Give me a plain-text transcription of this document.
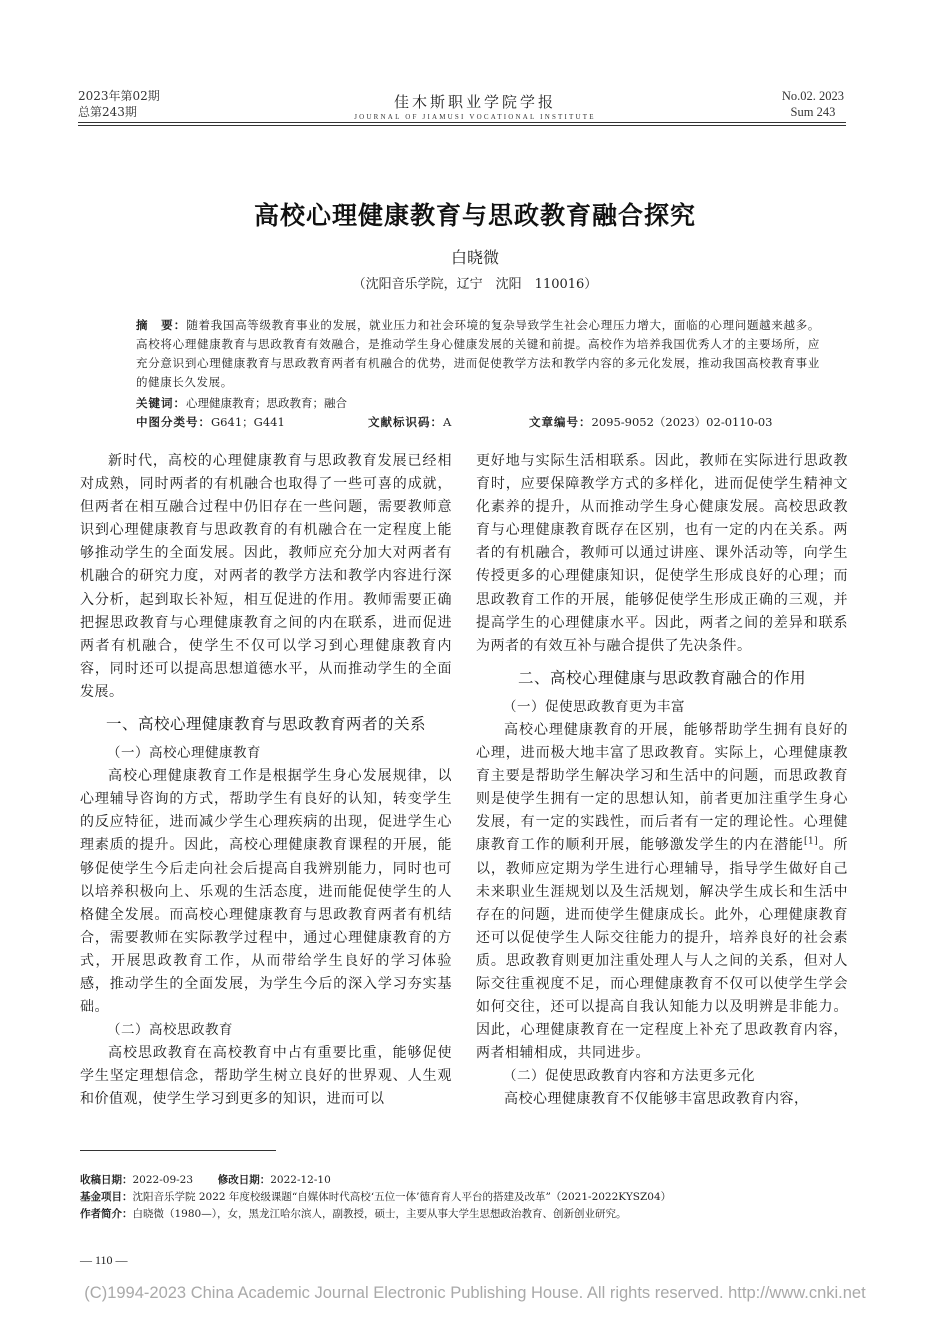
2023年第02期
总第243期
佳木斯职业学院学报
JOURNAL OF JIAMUSI VOCATIONAL INSTITUTE
No.02. 2023
Sum 243
高校心理健康教育与思政教育融合探究
白晓微
（沈阳音乐学院，辽宁　沈阳　110016）
摘　要：随着我国高等级教育事业的发展，就业压力和社会环境的复杂导致学生社会心理压力增大，面临的心理问题越来越多。高校将心理健康教育与思政教育有效融合，是推动学生身心健康发展的关键和前提。高校作为培养我国优秀人才的主要场所，应充分意识到心理健康教育与思政教育两者有机融合的优势，进而促使教学方法和教学内容的多元化发展，推动我国高校教育事业的健康长久发展。
关键词：心理健康教育；思政教育；融合
中图分类号：G641；G441	文献标识码：A	文章编号：2095-9052（2023）02-0110-03

新时代，高校的心理健康教育与思政教育发展已经相对成熟，同时两者的有机融合也取得了一些可喜的成就，但两者在相互融合过程中仍旧存在一些问题，需要教师意识到心理健康教育与思政教育的有机融合在一定程度上能够推动学生的全面发展。因此，教师应充分加大对两者有机融合的研究力度，对两者的教学方法和教学内容进行深入分析，起到取长补短，相互促进的作用。教师需要正确把握思政教育与心理健康教育之间的内在联系，进而促进两者有机融合，使学生不仅可以学习到心理健康教育内容，同时还可以提高思想道德水平，从而推动学生的全面发展。

一、高校心理健康教育与思政教育两者的关系
（一）高校心理健康教育

高校心理健康教育工作是根据学生身心发展规律，以心理辅导咨询的方式，帮助学生有良好的认知，转变学生的反应特征，进而减少学生心理疾病的出现，促进学生心理素质的提升。因此，高校心理健康教育课程的开展，能够促使学生今后走向社会后提高自我辨别能力，同时也可以培养积极向上、乐观的生活态度，进而能促使学生的人格健全发展。而高校心理健康教育与思政教育两者有机结合，需要教师在实际教学过程中，通过心理健康教育的方式，开展思政教育工作，从而带给学生良好的学习体验感，推动学生的全面发展，为学生今后的深入学习夯实基础。

（二）高校思政教育

高校思政教育在高校教育中占有重要比重，能够促使学生坚定理想信念，帮助学生树立良好的世界观、人生观和价值观，使学生学习到更多的知识，进而可以

更好地与实际生活相联系。因此，教师在实际进行思政教育时，应要保障教学方式的多样化，进而促使学生精神文化素养的提升，从而推动学生身心健康发展。高校思政教育与心理健康教育既存在区别，也有一定的内在关系。两者的有机融合，教师可以通过讲座、课外活动等，向学生传授更多的心理健康知识，促使学生形成良好的心理；而思政教育工作的开展，能够促使学生形成正确的三观，并提高学生的心理健康水平。因此，两者之间的差异和联系为两者的有效互补与融合提供了先决条件。

二、高校心理健康与思政教育融合的作用
（一）促使思政教育更为丰富

高校心理健康教育的开展，能够帮助学生拥有良好的心理，进而极大地丰富了思政教育。实际上，心理健康教育主要是帮助学生解决学习和生活中的问题，而思政教育则是使学生拥有一定的思想认知，前者更加注重学生身心发展，有一定的实践性，而后者有一定的理论性。心理健康教育工作的顺利开展，能够激发学生的内在潜能[1]。所以，教师应定期为学生进行心理辅导，指导学生做好自己未来职业生涯规划以及生活规划，解决学生成长和生活中存在的问题，进而使学生健康成长。此外，心理健康教育还可以促使学生人际交往能力的提升，培养良好的社会素质。思政教育则更加注重处理人与人之间的关系，但对人际交往重视度不足，而心理健康教育不仅可以使学生学会如何交往，还可以提高自我认知能力以及明辨是非能力。因此，心理健康教育在一定程度上补充了思政教育内容，两者相辅相成，共同进步。

（二）促使思政教育内容和方法更多元化

高校心理健康教育不仅能够丰富思政教育内容，

收稿日期：2022-09-23 修改日期：2022-12-10
基金项目：沈阳音乐学院 2022 年度校级课题“自媒体时代高校‘五位一体’德育育人平台的搭建及改革”（2021-2022KYSZ04）
作者简介：白晓微（1980—），女，黑龙江哈尔滨人，副教授，硕士，主要从事大学生思想政治教育、创新创业研究。
— 110 —
(C)1994-2023 China Academic Journal Electronic Publishing House. All rights reserved. http://www.cnki.net
